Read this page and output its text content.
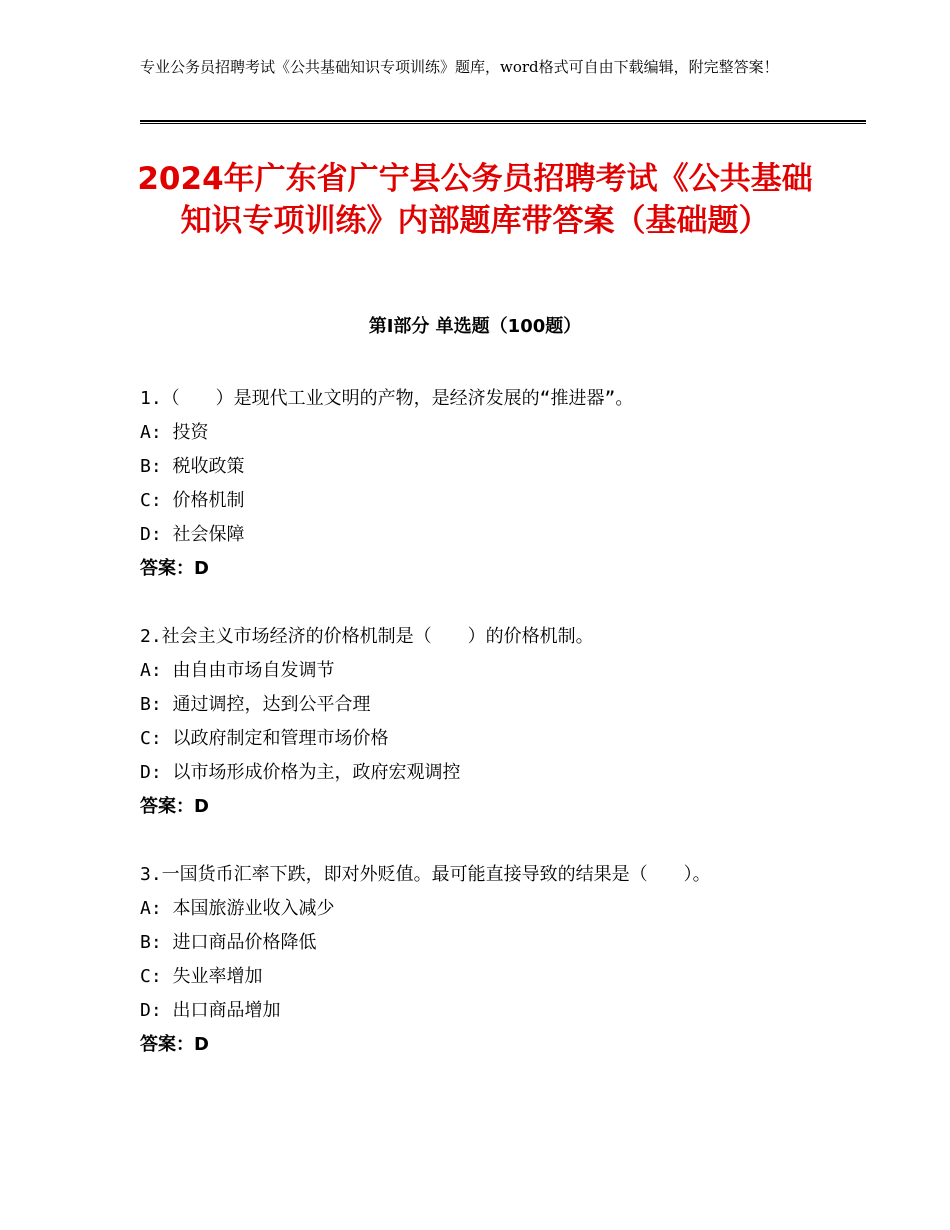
专业公务员招聘考试《公共基础知识专项训练》题库，word格式可自由下载编辑，附完整答案！
2024年广东省广宁县公务员招聘考试《公共基础知识专项训练》内部题库带答案（基础题）
第Ⅰ部分 单选题（100题）
1.（　　）是现代工业文明的产物，是经济发展的“推进器”。
A: 投资
B: 税收政策
C: 价格机制
D: 社会保障
答案：D
2.社会主义市场经济的价格机制是（　　）的价格机制。
A: 由自由市场自发调节
B: 通过调控，达到公平合理
C: 以政府制定和管理市场价格
D: 以市场形成价格为主，政府宏观调控
答案：D
3.一国货币汇率下跌，即对外贬值。最可能直接导致的结果是（　　）。
A: 本国旅游业收入减少
B: 进口商品价格降低
C: 失业率增加
D: 出口商品增加
答案：D
